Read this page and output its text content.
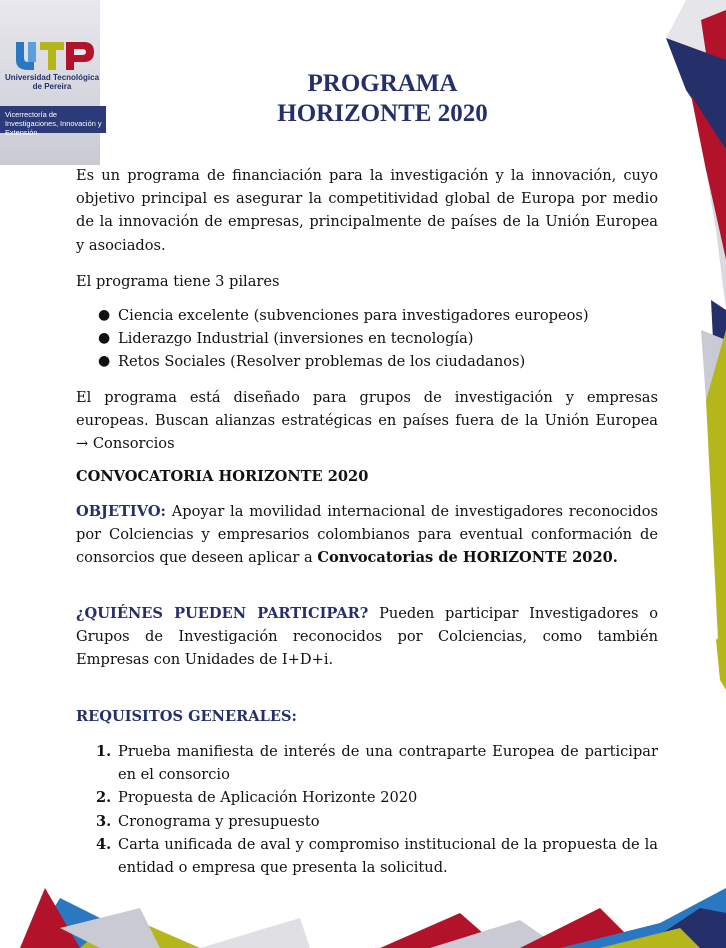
Universidad Tecnológica de Pereira
Vicerrectoría de Investigaciones, Innovación y Extensión
PROGRAMA
HORIZONTE 2020

Es un programa de financiación para la investigación y la innovación, cuyo objetivo principal es asegurar la competitividad global de Europa por medio de la innovación de empresas, principalmente de países de la Unión Europea y asociados.

El programa tiene 3 pilares

● Ciencia excelente (subvenciones para investigadores europeos)
● Liderazgo Industrial (inversiones en tecnología)
● Retos Sociales (Resolver problemas de los ciudadanos)

El programa está diseñado para grupos de investigación y empresas europeas. Buscan alianzas estratégicas en países fuera de la Unión Europea → Consorcios

CONVOCATORIA HORIZONTE 2020

OBJETIVO: Apoyar la movilidad internacional de investigadores reconocidos por Colciencias y empresarios colombianos para eventual conformación de consorcios que deseen aplicar a Convocatorias de HORIZONTE 2020.

¿QUIÉNES PUEDEN PARTICIPAR? Pueden participar Investigadores o Grupos de Investigación reconocidos por Colciencias, como también Empresas con Unidades de I+D+i.

REQUISITOS GENERALES:

1. Prueba manifiesta de interés de una contraparte Europea de participar en el consorcio
2. Propuesta de Aplicación Horizonte 2020
3. Cronograma y presupuesto
4. Carta unificada de aval y compromiso institucional de la propuesta de la entidad o empresa que presenta la solicitud.
